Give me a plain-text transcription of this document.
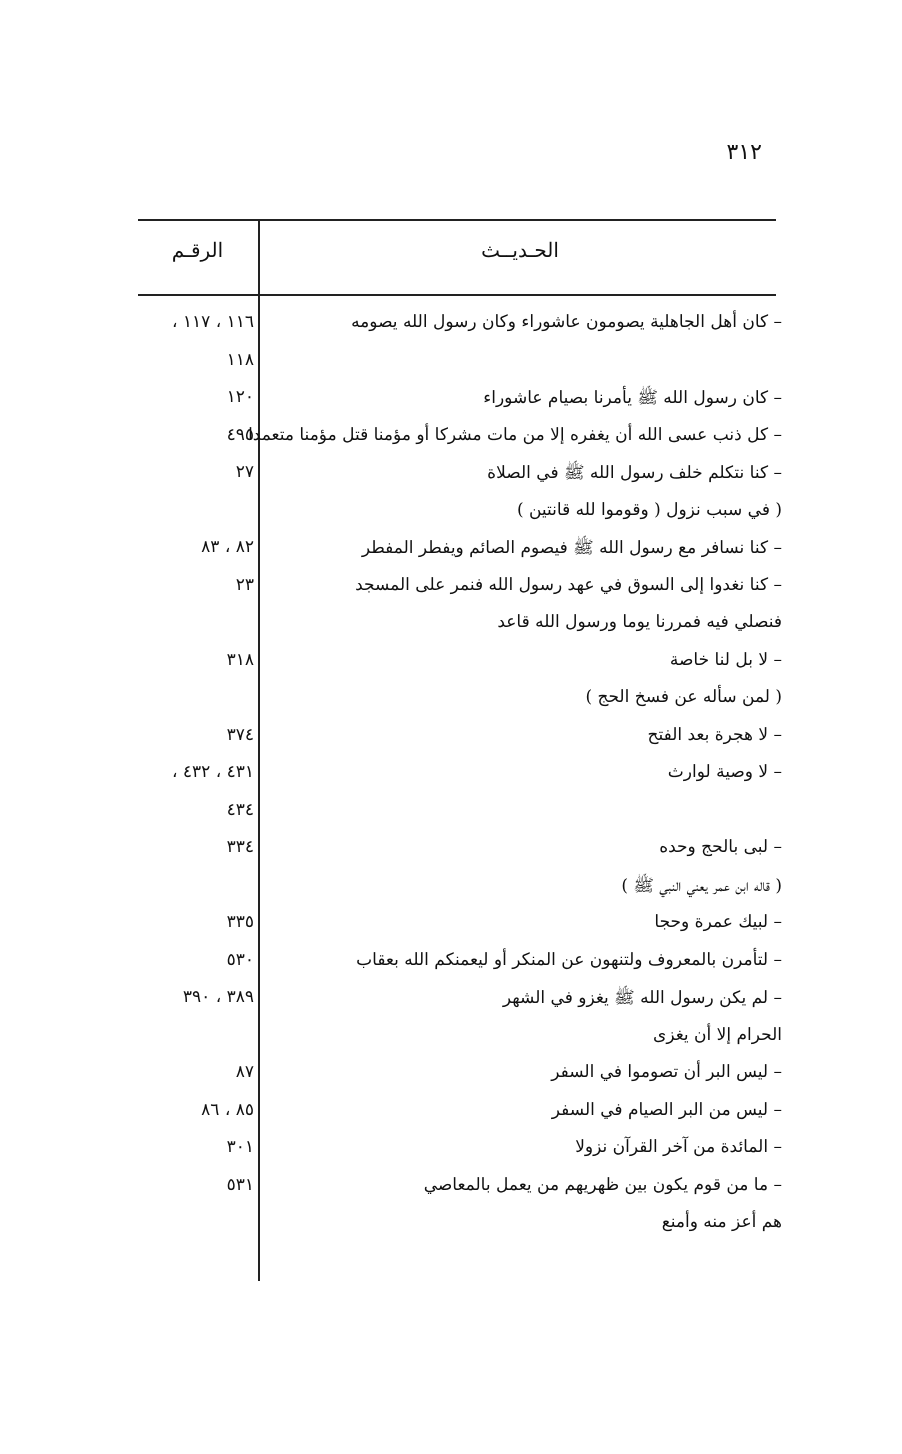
٣١٢
الحـديــث
الرقـم
– كان أهل الجاهلية يصومون عاشوراء وكان رسول الله يصومه
١١٦ ، ١١٧ ،
١١٨
– كان رسول الله ﷺ يأمرنا بصيام عاشوراء
١٢٠
– كل ذنب عسى الله أن يغفره إلا من مات مشركا أو مؤمنا قتل مؤمنا متعمدا
٤٩٥
– كنا نتكلم خلف رسول الله ﷺ في الصلاة
٢٧
( في سبب نزول ( وقوموا لله قانتين )
– كنا نسافر مع رسول الله ﷺ فيصوم الصائم ويفطر المفطر
٨٢ ، ٨٣
– كنا نغدوا إلى السوق في عهد رسول الله فنمر على المسجد
٢٣
فنصلي فيه فمررنا يوما ورسول الله قاعد
– لا بل لنا خاصة
٣١٨
( لمن سأله عن فسخ الحج )
– لا هجرة بعد الفتح
٣٧٤
– لا وصية لوارث
٤٣١ ، ٤٣٢ ،
٤٣٤
– لبى بالحج وحده
٣٣٤
( قاله ابن عمر يعني النبي ﷺ )
– لبيك عمرة وحجا
٣٣٥
– لتأمرن بالمعروف ولتنهون عن المنكر أو ليعمنكم الله بعقاب
٥٣٠
– لم يكن رسول الله ﷺ يغزو في الشهر
٣٨٩ ، ٣٩٠
الحرام إلا أن يغزى
– ليس البر أن تصوموا في السفر
٨٧
– ليس من البر الصيام في السفر
٨٥ ، ٨٦
– المائدة من آخر القرآن نزولا
٣٠١
– ما من قوم يكون بين ظهريهم من يعمل بالمعاصي
٥٣١
هم أعز منه وأمنع
